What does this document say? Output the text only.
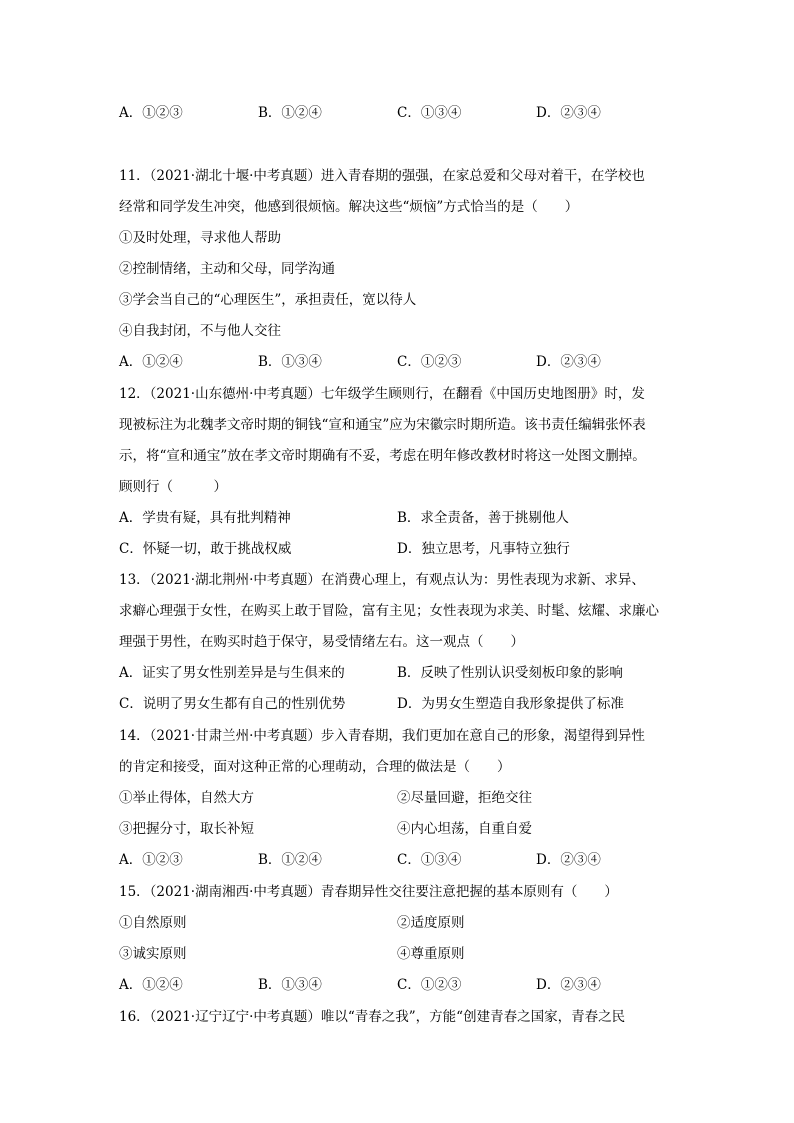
A．①②③	B．①②④	C．①③④	D．②③④
11．（2021·湖北十堰·中考真题）进入青春期的强强，在家总爱和父母对着干，在学校也
经常和同学发生冲突，他感到很烦恼。解决这些“烦恼”方式恰当的是（　　）
①及时处理，寻求他人帮助
②控制情绪，主动和父母，同学沟通
③学会当自己的“心理医生”，承担责任，宽以待人
④自我封闭，不与他人交往
A．①②④	B．①③④	C．①②③	D．②③④
12．（2021·山东德州·中考真题）七年级学生顾则行，在翻看《中国历史地图册》时，发
现被标注为北魏孝文帝时期的铜钱“宣和通宝”应为宋徽宗时期所造。该书责任编辑张怀表
示，将“宣和通宝”放在孝文帝时期确有不妥，考虑在明年修改教材时将这一处图文删掉。
顾则行（　　　）
A．学贵有疑，具有批判精神	B．求全责备，善于挑剔他人
C．怀疑一切，敢于挑战权威	D．独立思考，凡事特立独行
13．（2021·湖北荆州·中考真题）在消费心理上，有观点认为：男性表现为求新、求异、
求癖心理强于女性，在购买上敢于冒险，富有主见；女性表现为求美、时髦、炫耀、求廉心
理强于男性，在购买时趋于保守，易受情绪左右。这一观点（　　）
A．证实了男女性别差异是与生俱来的	B．反映了性别认识受刻板印象的影响
C．说明了男女生都有自己的性别优势	D．为男女生塑造自我形象提供了标准
14．（2021·甘肃兰州·中考真题）步入青春期，我们更加在意自己的形象，渴望得到异性
的肯定和接受，面对这种正常的心理萌动，合理的做法是（　　）
①举止得体，自然大方	②尽量回避，拒绝交往
③把握分寸，取长补短	④内心坦荡，自重自爱
A．①②③	B．①②④	C．①③④	D．②③④
15．（2021·湖南湘西·中考真题）青春期异性交往要注意把握的基本原则有（　　）
①自然原则	②适度原则
③诚实原则	④尊重原则
A．①②④	B．①③④	C．①②③	D．②③④
16．（2021·辽宁辽宁·中考真题）唯以“青春之我”，方能“创建青春之国家，青春之民
